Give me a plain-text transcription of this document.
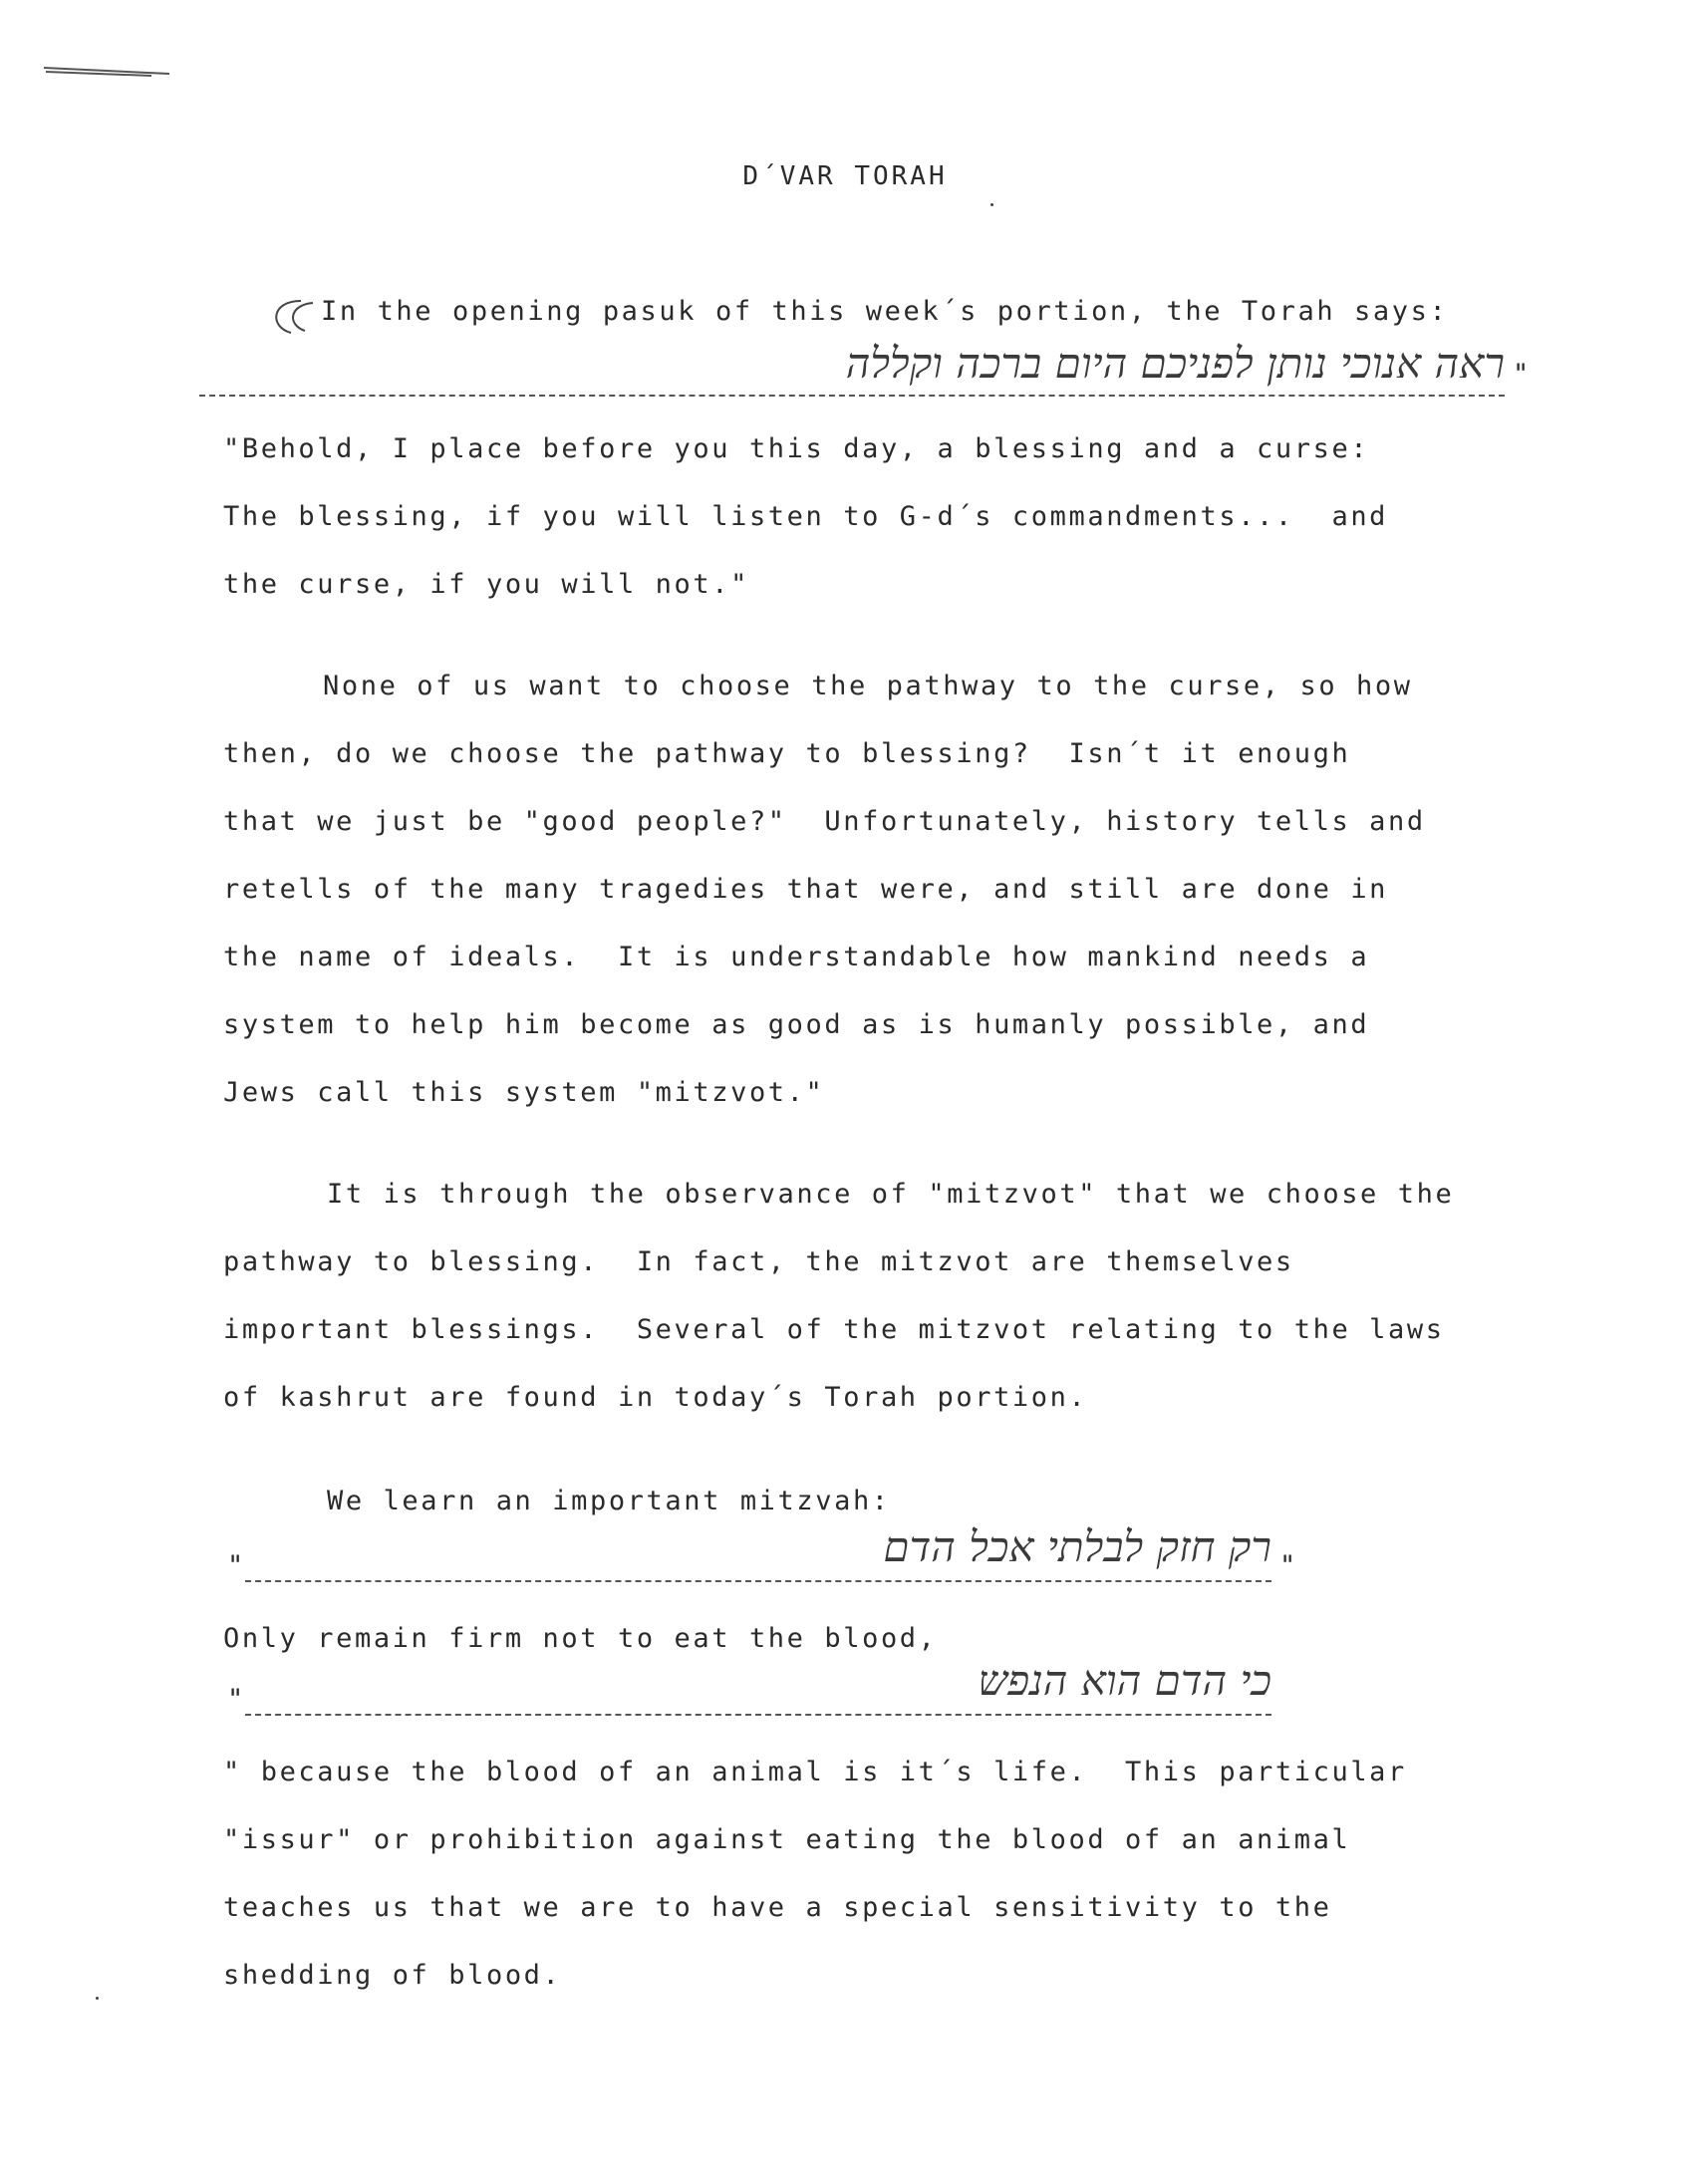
D´VAR TORAH
In the opening pasuk of this week´s portion, the Torah says:
ראה אנוכי נותן לפניכם היום ברכה וקללה "
"Behold, I place before you this day, a blessing and a curse:
The blessing, if you will listen to G-d´s commandments...  and
the curse, if you will not."
None of us want to choose the pathway to the curse, so how
then, do we choose the pathway to blessing?  Isn´t it enough
that we just be "good people?"  Unfortunately, history tells and
retells of the many tragedies that were, and still are done in
the name of ideals.  It is understandable how mankind needs a
system to help him become as good as is humanly possible, and
Jews call this system "mitzvot."
It is through the observance of "mitzvot" that we choose the
pathway to blessing.  In fact, the mitzvot are themselves
important blessings.  Several of the mitzvot relating to the laws
of kashrut are found in today´s Torah portion.
We learn an important mitzvah:
"	רק חזק לבלתי אכל הדם "
Only remain firm not to eat the blood,
"	כי הדם הוא הנפש
" because the blood of an animal is it´s life.  This particular
"issur" or prohibition against eating the blood of an animal
teaches us that we are to have a special sensitivity to the
shedding of blood.
